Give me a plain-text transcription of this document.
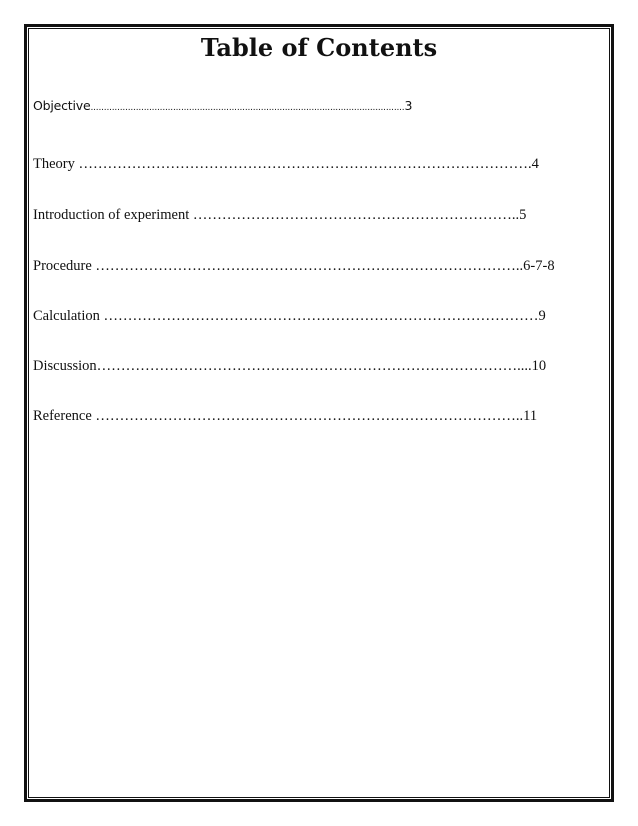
Table of Contents
Objective......................................................................................................................3
Theory ………………………………………………………………………………….4
Introduction of experiment …………………………………………………………..5
Procedure ……………………………………………………………………………..6-7-8
Calculation ………………………………………………………………………………9
Discussion……………………………………………………………………………....10
Reference ……………………………………………………………………………..11
